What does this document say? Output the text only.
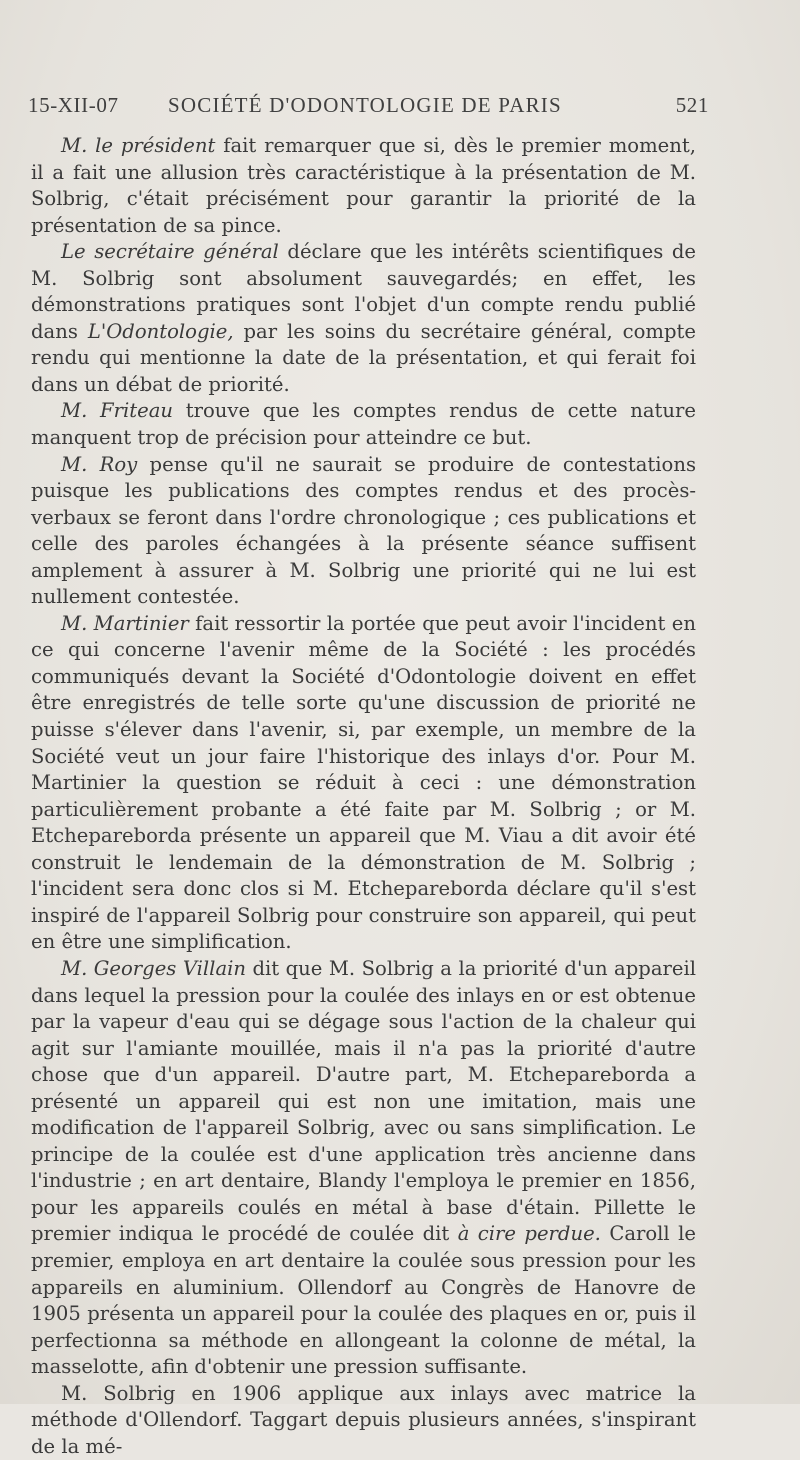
15-XII-07 SOCIÉTÉ D'ODONTOLOGIE DE PARIS	521

M. le président fait remarquer que si, dès le premier moment, il a fait une allusion très caractéristique à la présentation de M. Solbrig, c'était précisément pour garantir la priorité de la présentation de sa pince.

Le secrétaire général déclare que les intérêts scientifiques de M. Solbrig sont absolument sauvegardés; en effet, les démonstrations pratiques sont l'objet d'un compte rendu publié dans L'Odontologie, par les soins du secrétaire général, compte rendu qui mentionne la date de la présentation, et qui ferait foi dans un débat de priorité.

M. Friteau trouve que les comptes rendus de cette nature manquent trop de précision pour atteindre ce but.

M. Roy pense qu'il ne saurait se produire de contestations puisque les publications des comptes rendus et des procès-verbaux se feront dans l'ordre chronologique ; ces publications et celle des paroles échangées à la présente séance suffisent amplement à assurer à M. Solbrig une priorité qui ne lui est nullement contestée.

M. Martinier fait ressortir la portée que peut avoir l'incident en ce qui concerne l'avenir même de la Société : les procédés communiqués devant la Société d'Odontologie doivent en effet être enregistrés de telle sorte qu'une discussion de priorité ne puisse s'élever dans l'avenir, si, par exemple, un membre de la Société veut un jour faire l'historique des inlays d'or. Pour M. Martinier la question se réduit à ceci : une démonstration particulièrement probante a été faite par M. Solbrig ; or M. Etchepareborda présente un appareil que M. Viau a dit avoir été construit le lendemain de la démonstration de M. Solbrig ; l'incident sera donc clos si M. Etchepareborda déclare qu'il s'est inspiré de l'appareil Solbrig pour construire son appareil, qui peut en être une simplification.

M. Georges Villain dit que M. Solbrig a la priorité d'un appareil dans lequel la pression pour la coulée des inlays en or est obtenue par la vapeur d'eau qui se dégage sous l'action de la chaleur qui agit sur l'amiante mouillée, mais il n'a pas la priorité d'autre chose que d'un appareil. D'autre part, M. Etchepareborda a présenté un appareil qui est non une imitation, mais une modification de l'appareil Solbrig, avec ou sans simplification. Le principe de la coulée est d'une application très ancienne dans l'industrie ; en art dentaire, Blandy l'employa le premier en 1856, pour les appareils coulés en métal à base d'étain. Pillette le premier indiqua le procédé de coulée dit à cire perdue. Caroll le premier, employa en art dentaire la coulée sous pression pour les appareils en aluminium. Ollendorf au Congrès de Hanovre de 1905 présenta un appareil pour la coulée des plaques en or, puis il perfectionna sa méthode en allongeant la colonne de métal, la masselotte, afin d'obtenir une pression suffisante.

M. Solbrig en 1906 applique aux inlays avec matrice la méthode d'Ollendorf. Taggart depuis plusieurs années, s'inspirant de la mé-
